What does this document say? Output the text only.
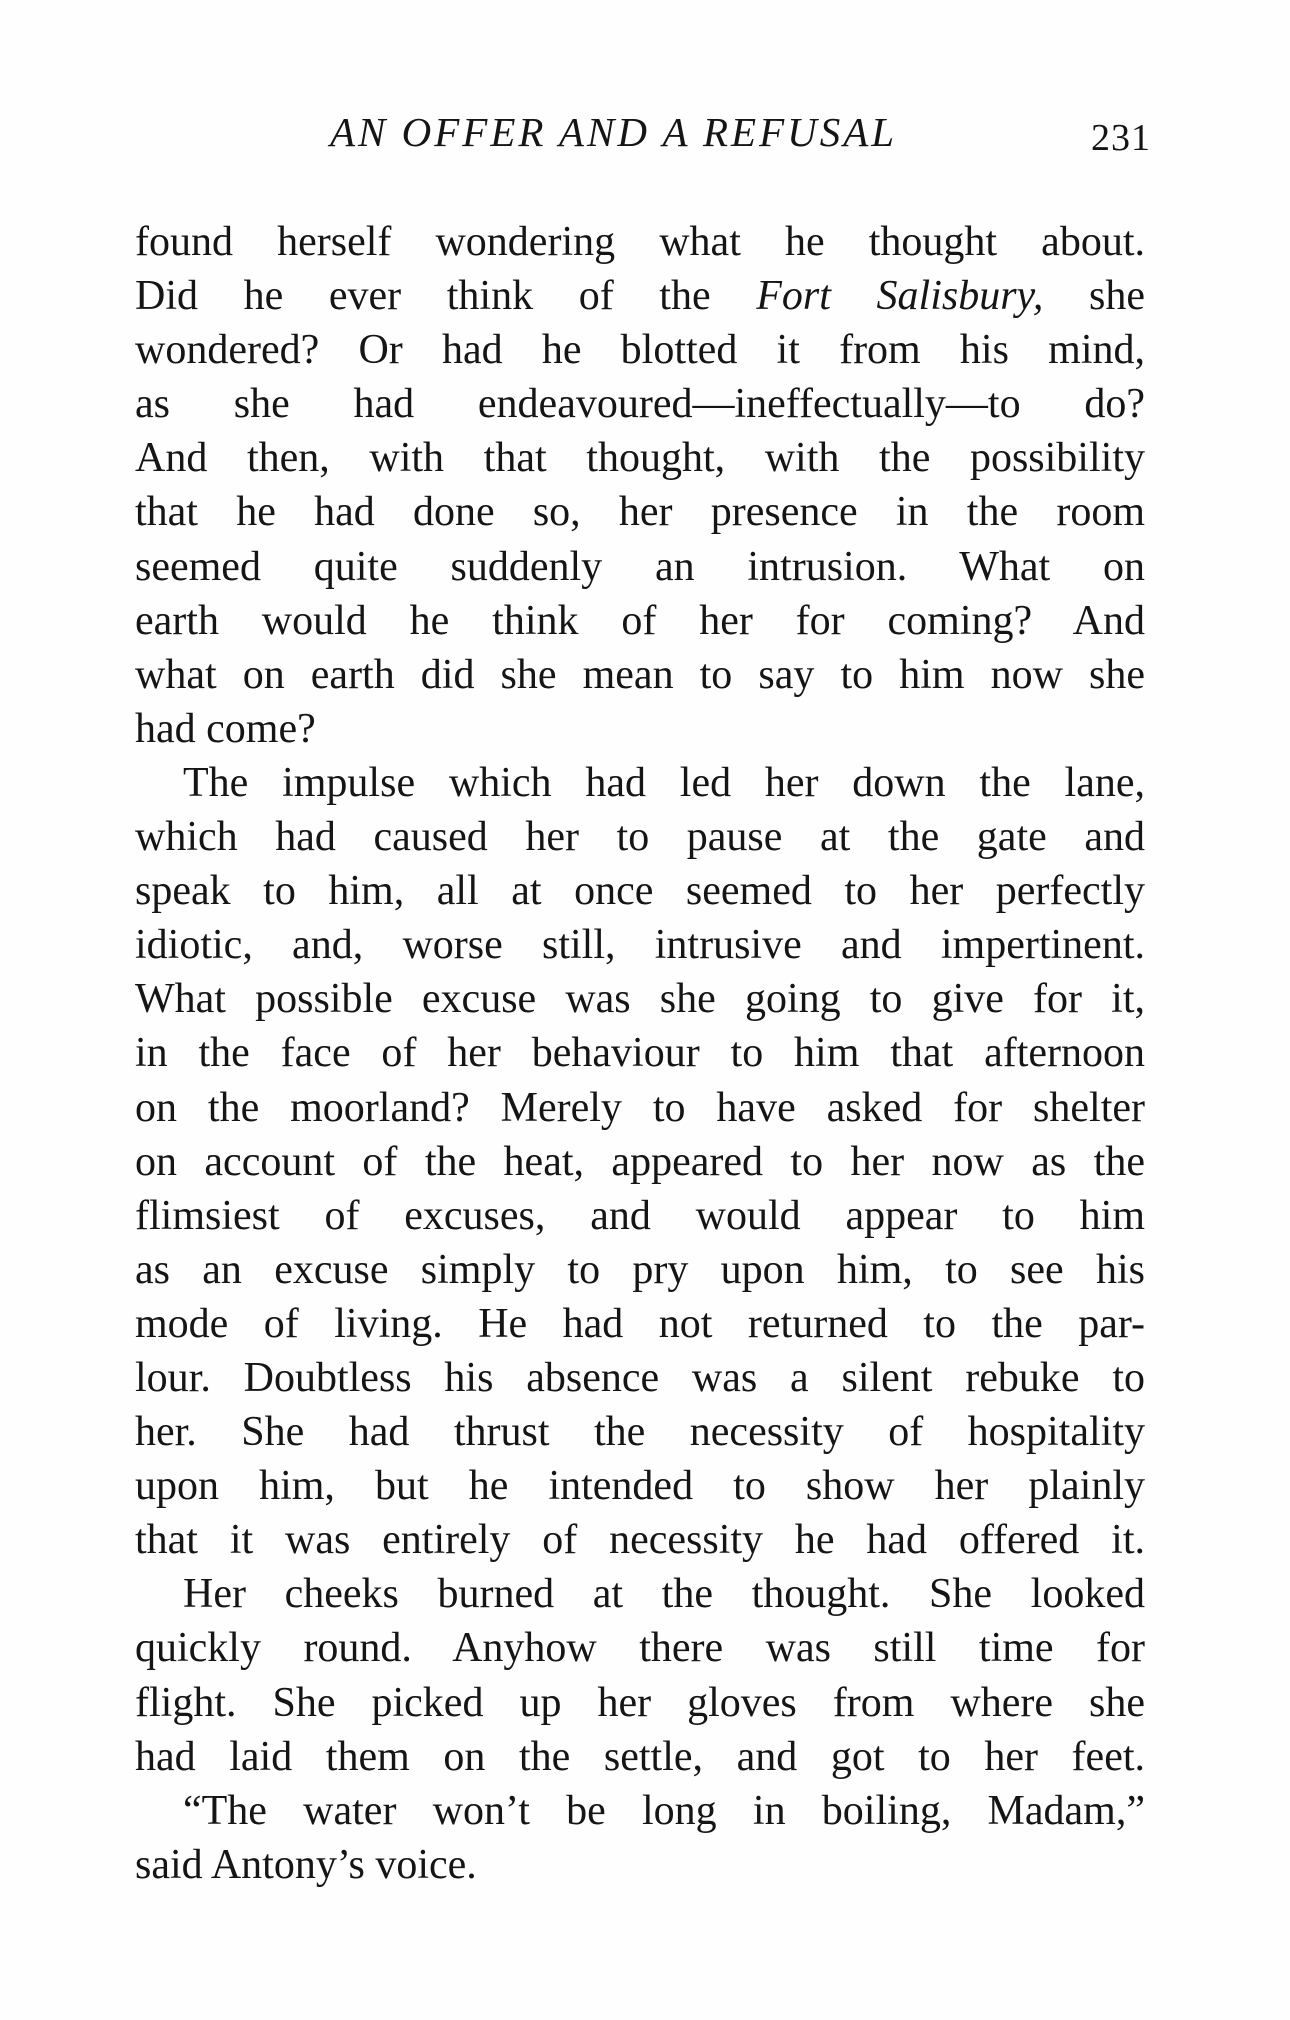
AN OFFER AND A REFUSAL	231
found herself wondering what he thought about.
Did he ever think of the Fort Salisbury, she
wondered? Or had he blotted it from his mind,
as she had endeavoured—ineffectually—to do?
And then, with that thought, with the possibility
that he had done so, her presence in the room
seemed quite suddenly an intrusion. What on
earth would he think of her for coming? And
what on earth did she mean to say to him now she
had come?
The impulse which had led her down the lane,
which had caused her to pause at the gate and
speak to him, all at once seemed to her perfectly
idiotic, and, worse still, intrusive and impertinent.
What possible excuse was she going to give for it,
in the face of her behaviour to him that afternoon
on the moorland? Merely to have asked for shelter
on account of the heat, appeared to her now as the
flimsiest of excuses, and would appear to him
as an excuse simply to pry upon him, to see his
mode of living. He had not returned to the par-
lour. Doubtless his absence was a silent rebuke to
her. She had thrust the necessity of hospitality
upon him, but he intended to show her plainly
that it was entirely of necessity he had offered it.
Her cheeks burned at the thought. She looked
quickly round. Anyhow there was still time for
flight. She picked up her gloves from where she
had laid them on the settle, and got to her feet.
“The water won’t be long in boiling, Madam,”
said Antony’s voice.
